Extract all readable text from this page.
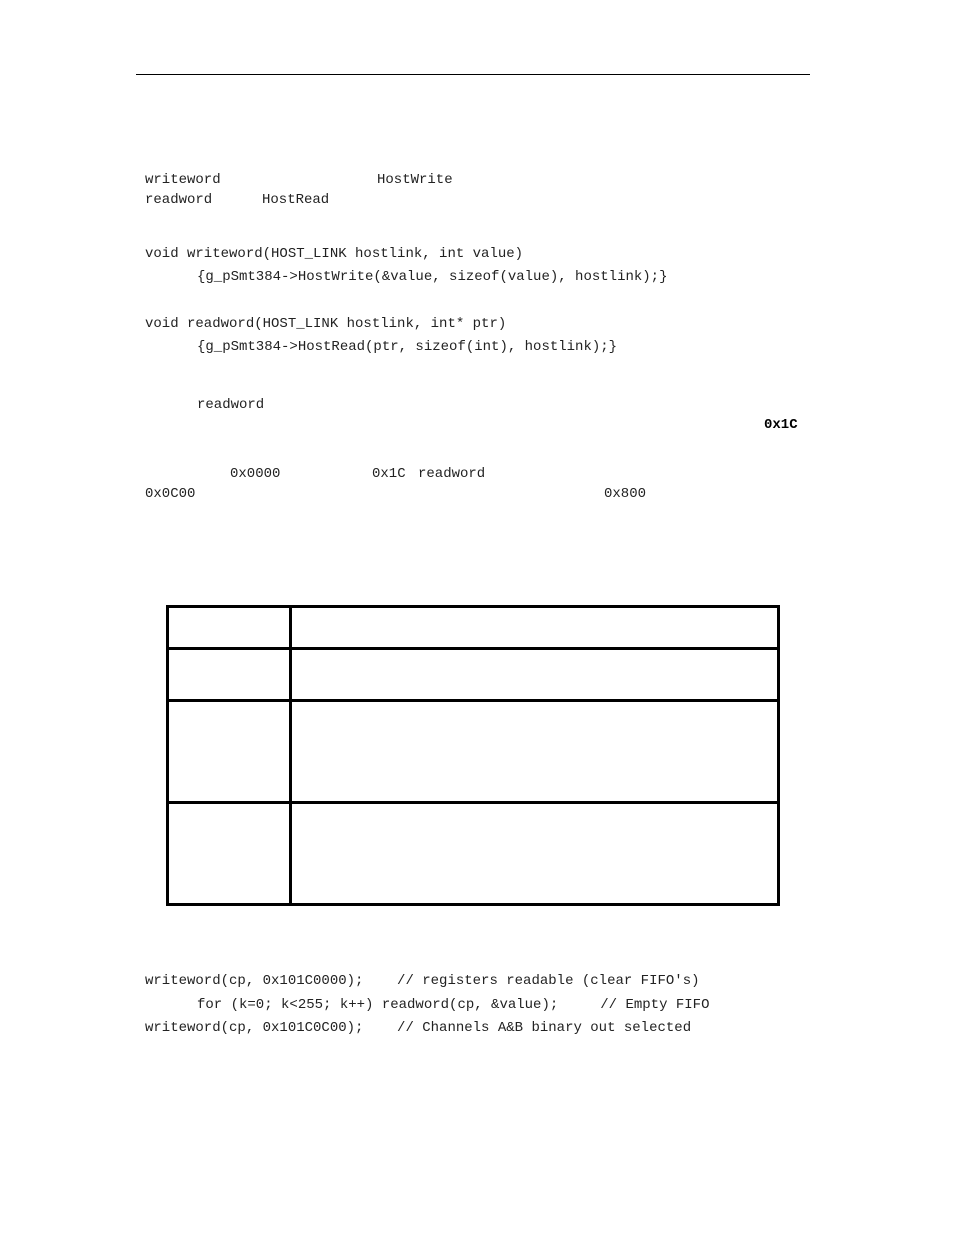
writeword	HostWrite
readword	HostRead
void writeword(HOST_LINK hostlink, int value)
{g_pSmt384->HostWrite(&value, sizeof(value), hostlink);}
void readword(HOST_LINK hostlink, int* ptr)
{g_pSmt384->HostRead(ptr, sizeof(int), hostlink);}
readword
0x1C
0x0000	0x1C readword
0x0C00	0x800

writeword(cp, 0x101C0000);    // registers readable (clear FIFO's)
for (k=0; k<255; k++) readword(cp, &value);     // Empty FIFO
writeword(cp, 0x101C0C00);    // Channels A&B binary out selected
